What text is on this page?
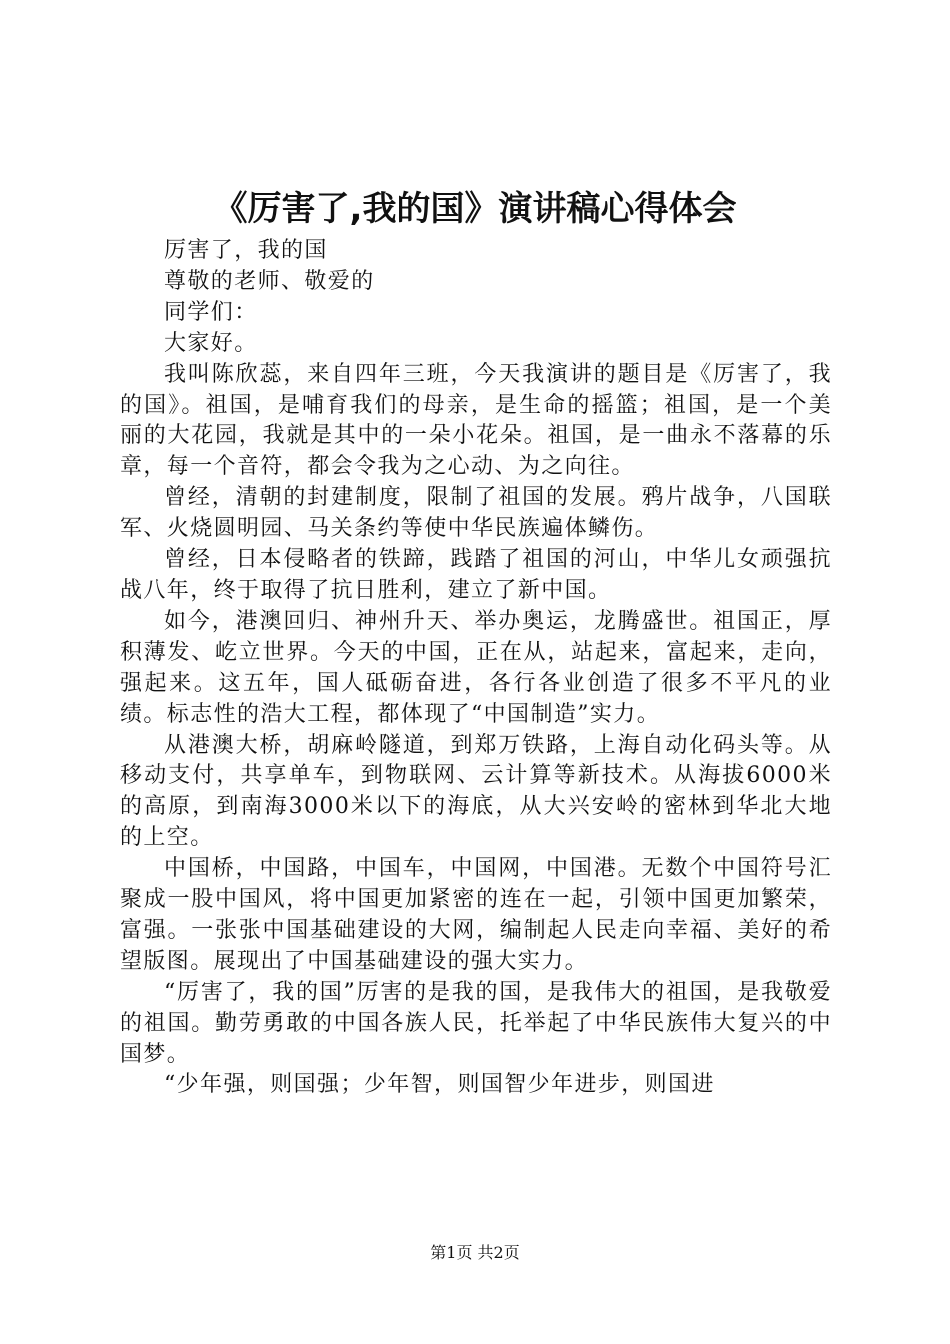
《厉害了,我的国》演讲稿心得体会

厉害了，我的国

尊敬的老师、敬爱的

同学们：

大家好。

我叫陈欣蕊，来自四年三班，今天我演讲的题目是《厉害了，我的国》。祖国，是哺育我们的母亲，是生命的摇篮；祖国，是一个美丽的大花园，我就是其中的一朵小花朵。祖国，是一曲永不落幕的乐章，每一个音符，都会令我为之心动、为之向往。

曾经，清朝的封建制度，限制了祖国的发展。鸦片战争，八国联军、火烧圆明园、马关条约等使中华民族遍体鳞伤。

曾经，日本侵略者的铁蹄，践踏了祖国的河山，中华儿女顽强抗战八年，终于取得了抗日胜利，建立了新中国。

如今，港澳回归、神州升天、举办奥运，龙腾盛世。祖国正，厚积薄发、屹立世界。今天的中国，正在从，站起来，富起来，走向，强起来。这五年，国人砥砺奋进，各行各业创造了很多不平凡的业绩。标志性的浩大工程，都体现了“中国制造”实力。

从港澳大桥，胡麻岭隧道，到郑万铁路，上海自动化码头等。从移动支付，共享单车，到物联网、云计算等新技术。从海拔6000米的高原，到南海3000米以下的海底，从大兴安岭的密林到华北大地的上空。

中国桥，中国路，中国车，中国网，中国港。无数个中国符号汇聚成一股中国风，将中国更加紧密的连在一起，引领中国更加繁荣，富强。一张张中国基础建设的大网，编制起人民走向幸福、美好的希望版图。展现出了中国基础建设的强大实力。

“厉害了，我的国”厉害的是我的国，是我伟大的祖国，是我敬爱的祖国。勤劳勇敢的中国各族人民，托举起了中华民族伟大复兴的中国梦。

“少年强，则国强；少年智，则国智少年进步，则国进

第1页 共2页
